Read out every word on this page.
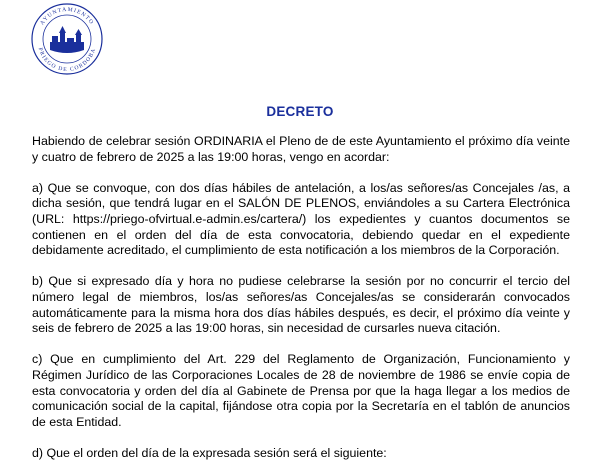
AYUNTAMIENTO
PRIEGO DE CORDOBA
DECRETO

Habiendo de celebrar sesión ORDINARIA el Pleno de de este Ayuntamiento el próximo día veinte y cuatro de febrero de 2025 a las 19:00 horas, vengo en acordar:

a) Que se convoque, con dos días hábiles de antelación, a los/as señores/as Concejales /as, a dicha sesión, que tendrá lugar en el SALÓN DE PLENOS, enviándoles a su Cartera Electrónica (URL: https://priego-ofvirtual.e-admin.es/cartera/) los expedientes y cuantos documentos se contienen en el orden del día de esta convocatoria, debiendo quedar en el expediente debidamente acreditado, el cumplimiento de esta notificación a los miembros de la Corporación.

b) Que si expresado día y hora no pudiese celebrarse la sesión por no concurrir el tercio del número legal de miembros, los/as señores/as Concejales/as se considerarán convocados automáticamente para la misma hora dos días hábiles después, es decir, el próximo día veinte y seis de febrero de 2025 a las 19:00 horas, sin necesidad de cursarles nueva citación.

c) Que en cumplimiento del Art. 229 del Reglamento de Organización, Funcionamiento y Régimen Jurídico de las Corporaciones Locales de 28 de noviembre de 1986 se envíe copia de esta convocatoria y orden del día al Gabinete de Prensa por que la haga llegar a los medios de comunicación social de la capital, fijándose otra copia por la Secretaría en el tablón de anuncios de esta Entidad.

d) Que el orden del día de la expresada sesión será el siguiente:
